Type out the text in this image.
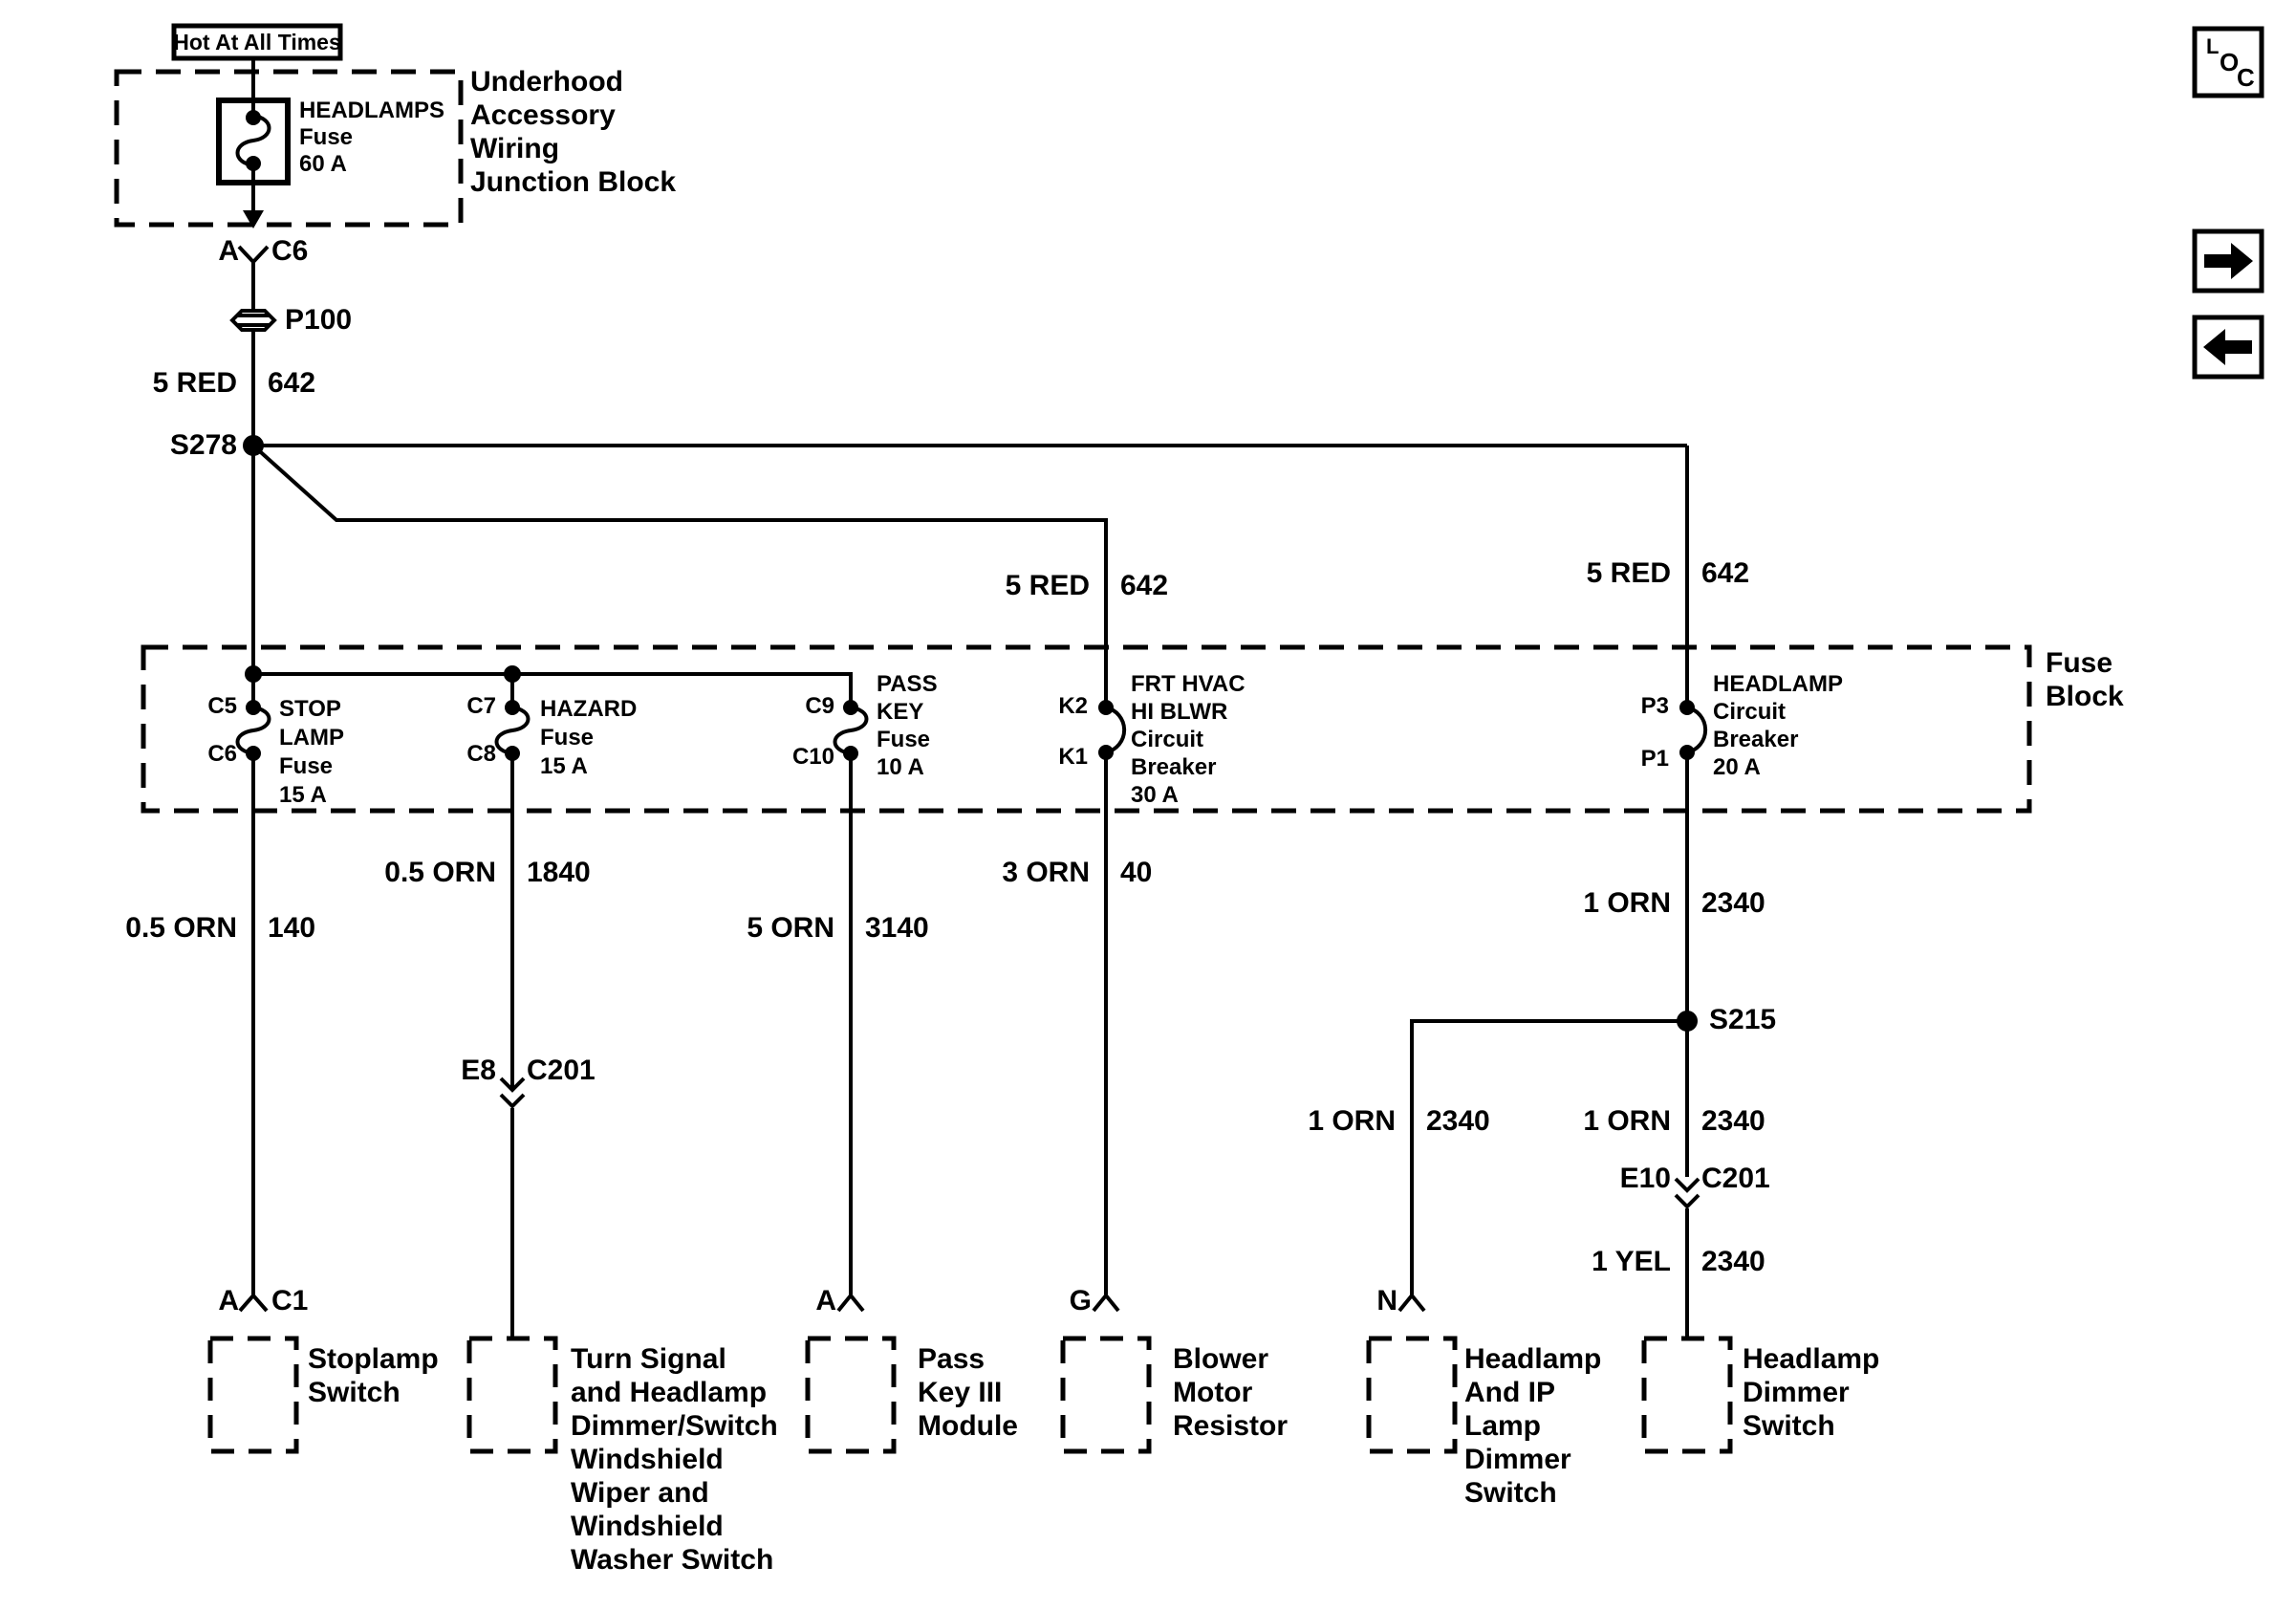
Hot At All Times
HEADLAMPS
Fuse
60 A
Underhood
Accessory
Wiring
Junction Block
A C6
P100
5 RED 642
S278
5 RED 642	5 RED 642
Fuse
Block
C5
C6
STOP
LAMP
Fuse
15 A
C7
C8
HAZARD
Fuse
15 A
C9
C10
PASS
KEY
Fuse
10 A
K2
K1
FRT HVAC
HI BLWR
Circuit
Breaker
30 A
P3
P1
HEADLAMP
Circuit
Breaker
20 A
0.5 ORN 140
0.5 ORN 1840
5 ORN 3140
3 ORN 40
1 ORN 2340
E8 C201
S215
1 ORN 2340	1 ORN 2340
E10 C201
1 YEL 2340
A C1	A	G	N
Stoplamp
Switch
Turn Signal
and Headlamp
Dimmer/Switch
Windshield
Wiper and
Windshield
Washer Switch
Pass
Key III
Module
Blower
Motor
Resistor
Headlamp
And IP
Lamp
Dimmer
Switch
Headlamp
Dimmer
Switch
L
O
C
